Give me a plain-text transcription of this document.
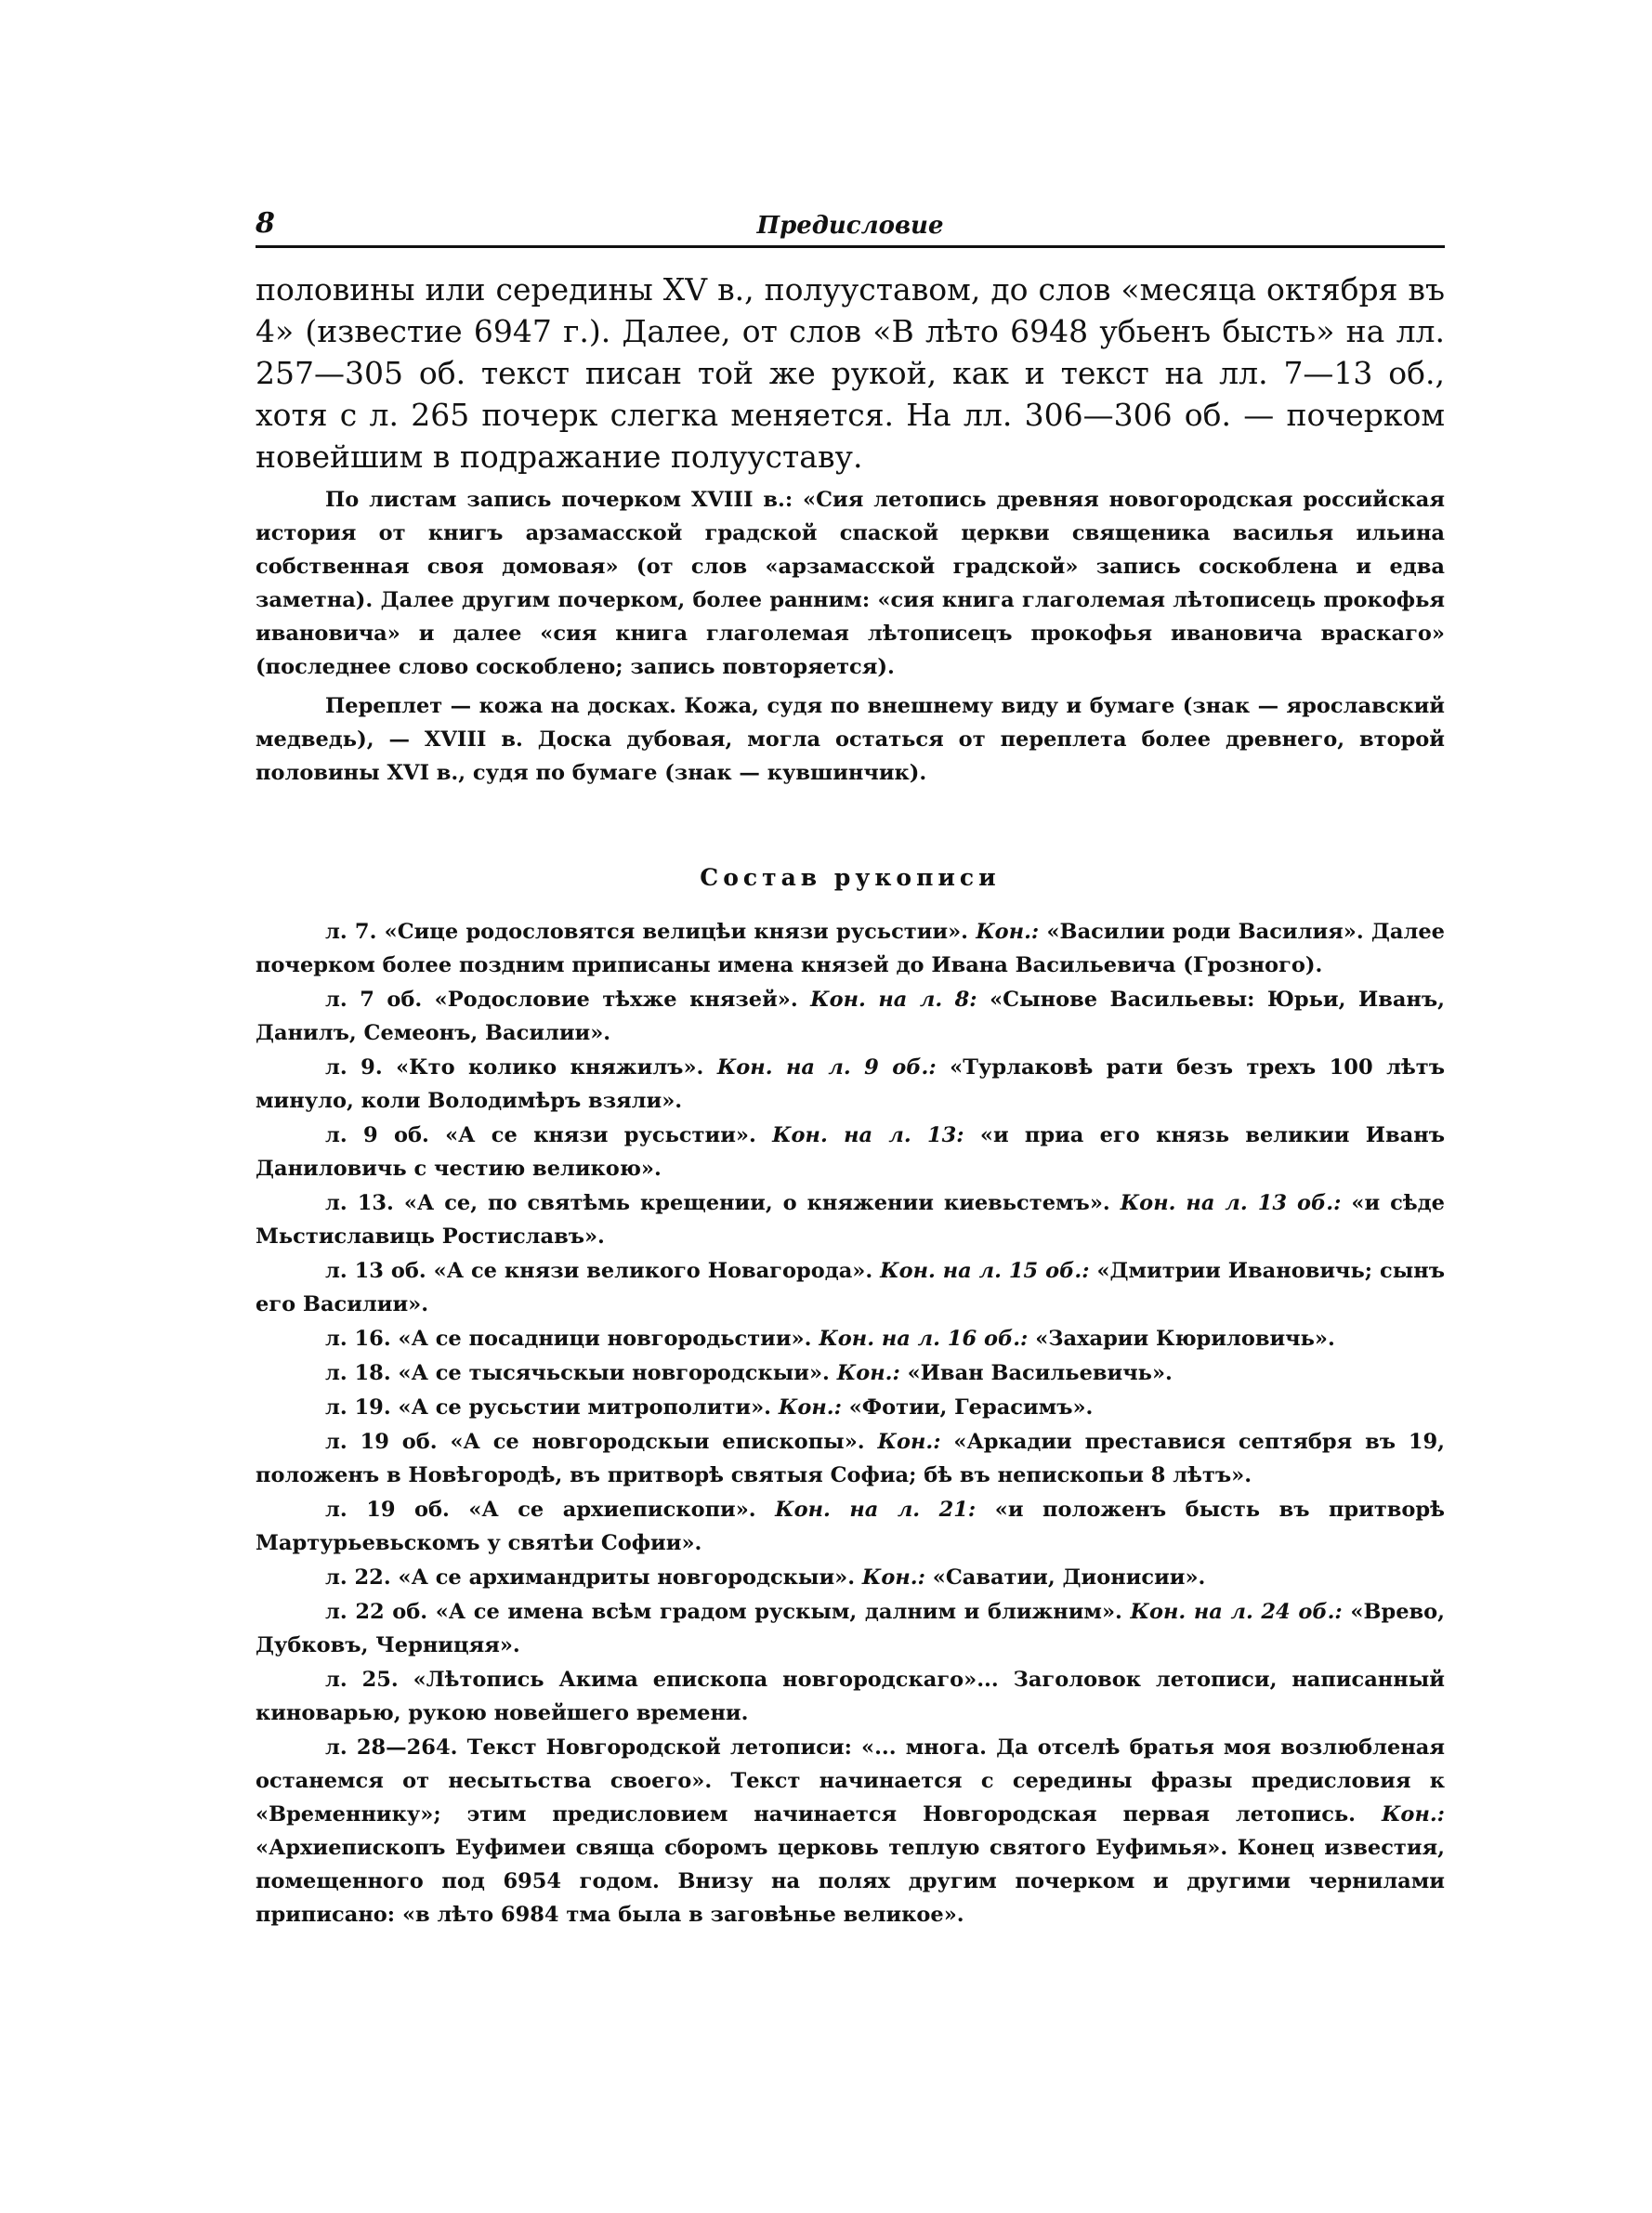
8	Предисловие

половины или середины XV в., полууставом, до слов «месяца октября въ 4» (известие 6947 г.). Далее, от слов «В лѣто 6948 убьенъ бысть» на лл. 257—305 об. текст писан той же рукой, как и текст на лл. 7—13 об., хотя с л. 265 почерк слегка меняется. На лл. 306—306 об. — почерком новейшим в подражание полууставу.

По листам запись почерком XVIII в.: «Сия летопись древняя новогородская российская история от книгъ арзамасской градской спаской церкви священика василья ильина собственная своя домовая» (от слов «арзамасской градской» запись соскоблена и едва заметна). Далее другим почерком, более ранним: «сия книга глаголемая лѣтописець прокофья ивановича» и далее «сия книга глаголемая лѣтописецъ прокофья ивановича враскаго» (последнее слово соскоблено; запись повторяется).

Переплет — кожа на досках. Кожа, судя по внешнему виду и бумаге (знак — ярославский медведь), — XVIII в. Доска дубовая, могла остаться от переплета более древнего, второй половины XVI в., судя по бумаге (знак — кувшинчик).

Состав рукописи

л. 7. «Сице родословятся велицѣи князи русьстии». Кон.: «Василии роди Василия». Далее почерком более поздним приписаны имена князей до Ивана Васильевича (Грозного).

л. 7 об. «Родословие тѣхже князей». Кон. на л. 8: «Сынове Васильевы: Юрьи, Иванъ, Данилъ, Семеонъ, Василии».

л. 9. «Кто колико княжилъ». Кон. на л. 9 об.: «Турлаковѣ рати безъ трехъ 100 лѣтъ минуло, коли Володимѣръ взяли».

л. 9 об. «А се князи русьстии». Кон. на л. 13: «и приа его князь великии Иванъ Даниловичь с честию великою».

л. 13. «А се, по святѣмь крещении, о княжении киевьстемъ». Кон. на л. 13 об.: «и сѣде Мьстиславиць Ростиславъ».

л. 13 об. «А се князи великого Новагорода». Кон. на л. 15 об.: «Дмитрии Ивановичь; сынъ его Василии».

л. 16. «А се посадници новгородьстии». Кон. на л. 16 об.: «Захарии Кюриловичь».

л. 18. «А се тысячьскыи новгородскыи». Кон.: «Иван Васильевичь».

л. 19. «А се русьстии митрополити». Кон.: «Фотии, Герасимъ».

л. 19 об. «А се новгородскыи епископы». Кон.: «Аркадии преставися септября въ 19, положенъ в Новѣгородѣ, въ притворѣ святыя Софиа; бѣ въ непископьи 8 лѣтъ».

л. 19 об. «А се архиепископи». Кон. на л. 21: «и положенъ бысть въ притворѣ Мартурьевьскомъ у святѣи Софии».

л. 22. «А се архимандриты новгородскыи». Кон.: «Саватии, Дионисии».

л. 22 об. «А се имена всѣм градом рускым, далним и ближним». Кон. на л. 24 об.: «Врево, Дубковъ, Черницяя».

л. 25. «Лѣтопись Акима епископа новгородскаго»... Заголовок летописи, написанный киноварью, рукою новейшего времени.

л. 28—264. Текст Новгородской летописи: «... многа. Да отселѣ братья моя возлюбленая останемся от несытьства своего». Текст начинается с середины фразы предисловия к «Временнику»; этим предисловием начинается Новгородская первая летопись. Кон.: «Архиепископъ Еуфимеи свяща сборомъ церковь теплую святого Еуфимья». Конец известия, помещенного под 6954 годом. Внизу на полях другим почерком и другими чернилами приписано: «в лѣто 6984 тма была в заговѣнье великое».
